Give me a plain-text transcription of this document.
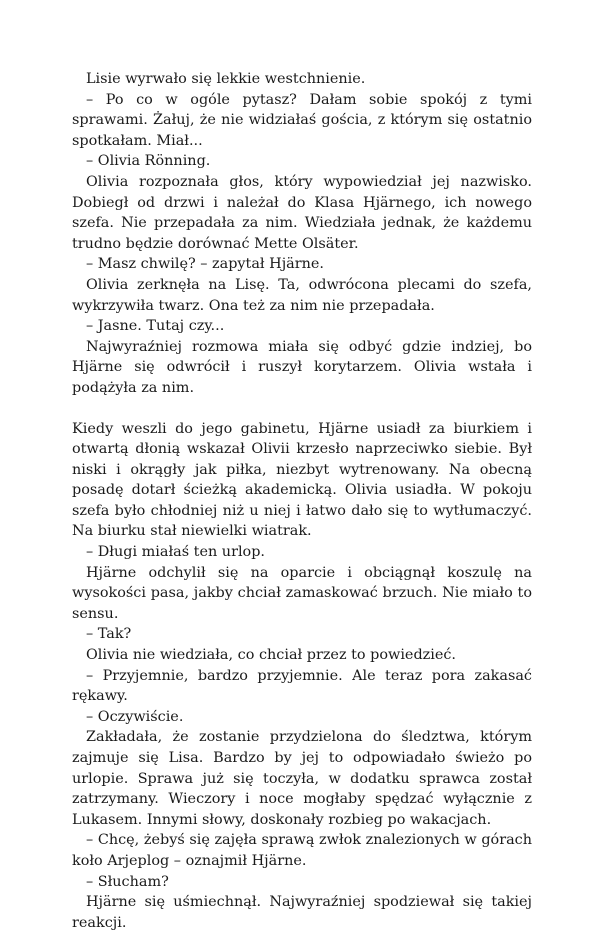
Lisie wyrwało się lekkie westchnienie.

– Po co w ogóle pytasz? Dałam sobie spokój z tymi sprawami. Żałuj, że nie widziałaś gościa, z którym się ostatnio spotkałam. Miał...

– Olivia Rönning.

Olivia rozpoznała głos, który wypowiedział jej nazwisko. Dobiegł od drzwi i należał do Klasa Hjärnego, ich nowego szefa. Nie przepadała za nim. Wiedziała jednak, że każdemu trudno będzie dorównać Mette Olsäter.

– Masz chwilę? – zapytał Hjärne.

Olivia zerknęła na Lisę. Ta, odwrócona plecami do szefa, wykrzywiła twarz. Ona też za nim nie przepadała.

– Jasne. Tutaj czy...

Najwyraźniej rozmowa miała się odbyć gdzie indziej, bo Hjärne się odwrócił i ruszył korytarzem. Olivia wstała i podążyła za nim.

Kiedy weszli do jego gabinetu, Hjärne usiadł za biurkiem i otwartą dłonią wskazał Olivii krzesło naprzeciwko siebie. Był niski i okrągły jak piłka, niezbyt wytrenowany. Na obecną posadę dotarł ścieżką akademicką. Olivia usiadła. W pokoju szefa było chłodniej niż u niej i łatwo dało się to wytłumaczyć. Na biurku stał niewielki wiatrak.

– Długi miałaś ten urlop.

Hjärne odchylił się na oparcie i obciągnął koszulę na wysokości pasa, jakby chciał zamaskować brzuch. Nie miało to sensu.

– Tak?

Olivia nie wiedziała, co chciał przez to powiedzieć.

– Przyjemnie, bardzo przyjemnie. Ale teraz pora zakasać rękawy.

– Oczywiście.

Zakładała, że zostanie przydzielona do śledztwa, którym zajmuje się Lisa. Bardzo by jej to odpowiadało świeżo po urlopie. Sprawa już się toczyła, w dodatku sprawca został zatrzymany. Wieczory i noce mogłaby spędzać wyłącznie z Lukasem. Innymi słowy, doskonały rozbieg po wakacjach.

– Chcę, żebyś się zajęła sprawą zwłok znalezionych w górach koło Arjeplog – oznajmił Hjärne.

– Słucham?

Hjärne się uśmiechnął. Najwyraźniej spodziewał się takiej reakcji.
